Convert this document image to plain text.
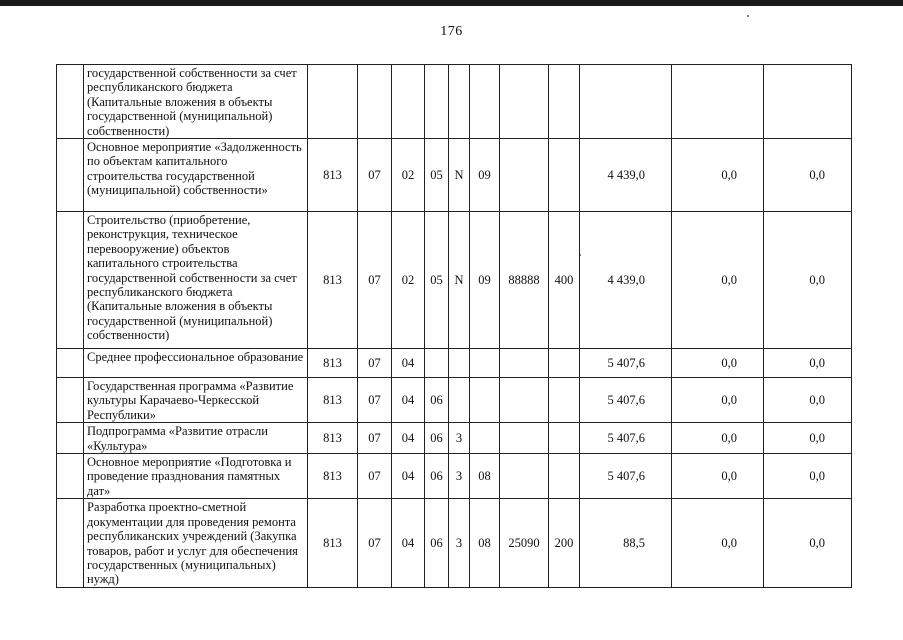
176
	государственной собственности за счет республиканского бюджета (Капитальные вложения в объекты государственной (муниципальной) собственности)											
	Основное мероприятие «Задолженность по объектам капитального строительства государственной (муниципальной) собственности»	813	07	02	05	N	09			4 439,0	0,0	0,0
	Строительство (приобретение, реконструкция, техническое перевооружение) объектов капитального строительства государственной собственности за счет республиканского бюджета (Капитальные вложения в объекты государственной (муниципальной) собственности)	813	07	02	05	N	09	88888	400	4 439,0	0,0	0,0
	Среднее профессиональное образование	813	07	04						5 407,6	0,0	0,0
	Государственная программа «Развитие культуры Карачаево-Черкесской Республики»	813	07	04	06					5 407,6	0,0	0,0
	Подпрограмма «Развитие отрасли «Культура»	813	07	04	06	3				5 407,6	0,0	0,0
	Основное мероприятие «Подготовка и проведение празднования памятных дат»	813	07	04	06	3	08			5 407,6	0,0	0,0
	Разработка проектно-сметной документации для проведения ремонта республиканских учреждений (Закупка товаров, работ и услуг для обеспечения государственных (муниципальных) нужд)	813	07	04	06	3	08	25090	200	88,5	0,0	0,0
